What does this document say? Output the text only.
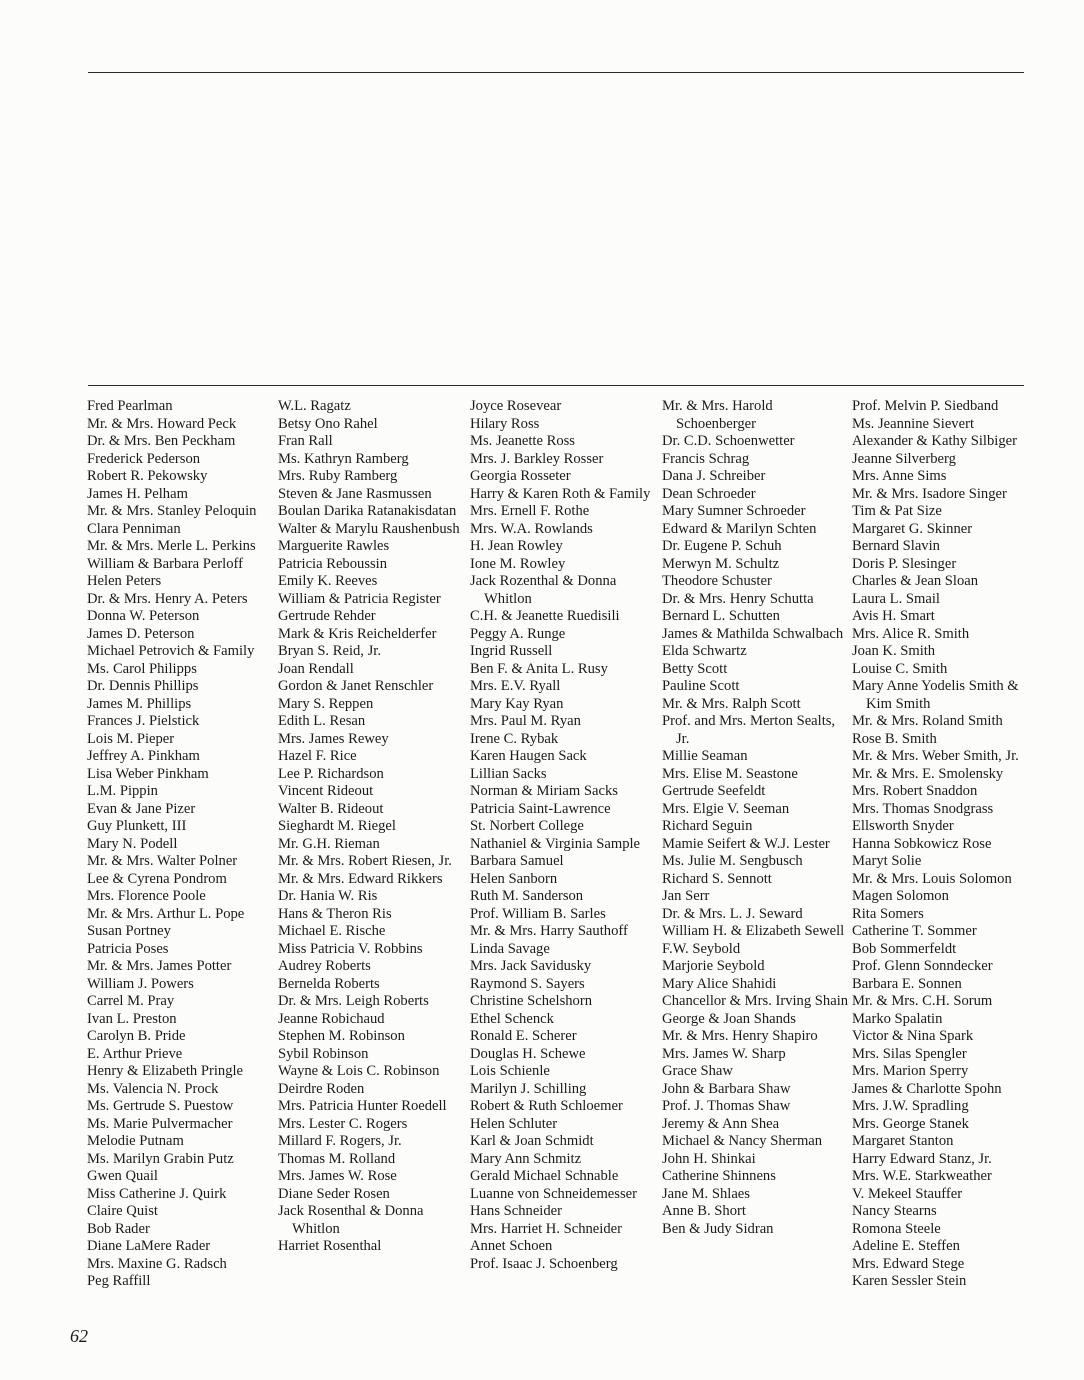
Fred Pearlman
Mr. & Mrs. Howard Peck
Dr. & Mrs. Ben Peckham
Frederick Pederson
Robert R. Pekowsky
James H. Pelham
Mr. & Mrs. Stanley Peloquin
Clara Penniman
Mr. & Mrs. Merle L. Perkins
William & Barbara Perloff
Helen Peters
Dr. & Mrs. Henry A. Peters
Donna W. Peterson
James D. Peterson
Michael Petrovich & Family
Ms. Carol Philipps
Dr. Dennis Phillips
James M. Phillips
Frances J. Pielstick
Lois M. Pieper
Jeffrey A. Pinkham
Lisa Weber Pinkham
L.M. Pippin
Evan & Jane Pizer
Guy Plunkett, III
Mary N. Podell
Mr. & Mrs. Walter Polner
Lee & Cyrena Pondrom
Mrs. Florence Poole
Mr. & Mrs. Arthur L. Pope
Susan Portney
Patricia Poses
Mr. & Mrs. James Potter
William J. Powers
Carrel M. Pray
Ivan L. Preston
Carolyn B. Pride
E. Arthur Prieve
Henry & Elizabeth Pringle
Ms. Valencia N. Prock
Ms. Gertrude S. Puestow
Ms. Marie Pulvermacher
Melodie Putnam
Ms. Marilyn Grabin Putz
Gwen Quail
Miss Catherine J. Quirk
Claire Quist
Bob Rader
Diane LaMere Rader
Mrs. Maxine G. Radsch
Peg Raffill
W.L. Ragatz
Betsy Ono Rahel
Fran Rall
Ms. Kathryn Ramberg
Mrs. Ruby Ramberg
Steven & Jane Rasmussen
Boulan Darika Ratanakisdatan
Walter & Marylu Raushenbush
Marguerite Rawles
Patricia Reboussin
Emily K. Reeves
William & Patricia Register
Gertrude Rehder
Mark & Kris Reichelderfer
Bryan S. Reid, Jr.
Joan Rendall
Gordon & Janet Renschler
Mary S. Reppen
Edith L. Resan
Mrs. James Rewey
Hazel F. Rice
Lee P. Richardson
Vincent Rideout
Walter B. Rideout
Sieghardt M. Riegel
Mr. G.H. Rieman
Mr. & Mrs. Robert Riesen, Jr.
Mr. & Mrs. Edward Rikkers
Dr. Hania W. Ris
Hans & Theron Ris
Michael E. Rische
Miss Patricia V. Robbins
Audrey Roberts
Bernelda Roberts
Dr. & Mrs. Leigh Roberts
Jeanne Robichaud
Stephen M. Robinson
Sybil Robinson
Wayne & Lois C. Robinson
Deirdre Roden
Mrs. Patricia Hunter Roedell
Mrs. Lester C. Rogers
Millard F. Rogers, Jr.
Thomas M. Rolland
Mrs. James W. Rose
Diane Seder Rosen
Jack Rosenthal & Donna Whitlon
Harriet Rosenthal
Joyce Rosevear
Hilary Ross
Ms. Jeanette Ross
Mrs. J. Barkley Rosser
Georgia Rosseter
Harry & Karen Roth & Family
Mrs. Ernell F. Rothe
Mrs. W.A. Rowlands
H. Jean Rowley
Ione M. Rowley
Jack Rozenthal & Donna Whitlon
C.H. & Jeanette Ruedisili
Peggy A. Runge
Ingrid Russell
Ben F. & Anita L. Rusy
Mrs. E.V. Ryall
Mary Kay Ryan
Mrs. Paul M. Ryan
Irene C. Rybak
Karen Haugen Sack
Lillian Sacks
Norman & Miriam Sacks
Patricia Saint-Lawrence
St. Norbert College
Nathaniel & Virginia Sample
Barbara Samuel
Helen Sanborn
Ruth M. Sanderson
Prof. William B. Sarles
Mr. & Mrs. Harry Sauthoff
Linda Savage
Mrs. Jack Savidusky
Raymond S. Sayers
Christine Schelshorn
Ethel Schenck
Ronald E. Scherer
Douglas H. Schewe
Lois Schienle
Marilyn J. Schilling
Robert & Ruth Schloemer
Helen Schluter
Karl & Joan Schmidt
Mary Ann Schmitz
Gerald Michael Schnable
Luanne von Schneidemesser
Hans Schneider
Mrs. Harriet H. Schneider
Annet Schoen
Prof. Isaac J. Schoenberg
Mr. & Mrs. Harold Schoenberger
Dr. C.D. Schoenwetter
Francis Schrag
Dana J. Schreiber
Dean Schroeder
Mary Sumner Schroeder
Edward & Marilyn Schten
Dr. Eugene P. Schuh
Merwyn M. Schultz
Theodore Schuster
Dr. & Mrs. Henry Schutta
Bernard L. Schutten
James & Mathilda Schwalbach
Elda Schwartz
Betty Scott
Pauline Scott
Mr. & Mrs. Ralph Scott
Prof. and Mrs. Merton Sealts, Jr.
Millie Seaman
Mrs. Elise M. Seastone
Gertrude Seefeldt
Mrs. Elgie V. Seeman
Richard Seguin
Mamie Seifert & W.J. Lester
Ms. Julie M. Sengbusch
Richard S. Sennott
Jan Serr
Dr. & Mrs. L. J. Seward
William H. & Elizabeth Sewell
F.W. Seybold
Marjorie Seybold
Mary Alice Shahidi
Chancellor & Mrs. Irving Shain
George & Joan Shands
Mr. & Mrs. Henry Shapiro
Mrs. James W. Sharp
Grace Shaw
John & Barbara Shaw
Prof. J. Thomas Shaw
Jeremy & Ann Shea
Michael & Nancy Sherman
John H. Shinkai
Catherine Shinnens
Jane M. Shlaes
Anne B. Short
Ben & Judy Sidran
Prof. Melvin P. Siedband
Ms. Jeannine Sievert
Alexander & Kathy Silbiger
Jeanne Silverberg
Mrs. Anne Sims
Mr. & Mrs. Isadore Singer
Tim & Pat Size
Margaret G. Skinner
Bernard Slavin
Doris P. Slesinger
Charles & Jean Sloan
Laura L. Smail
Avis H. Smart
Mrs. Alice R. Smith
Joan K. Smith
Louise C. Smith
Mary Anne Yodelis Smith & Kim Smith
Mr. & Mrs. Roland Smith
Rose B. Smith
Mr. & Mrs. Weber Smith, Jr.
Mr. & Mrs. E. Smolensky
Mrs. Robert Snaddon
Mrs. Thomas Snodgrass
Ellsworth Snyder
Hanna Sobkowicz Rose
Maryt Solie
Mr. & Mrs. Louis Solomon
Magen Solomon
Rita Somers
Catherine T. Sommer
Bob Sommerfeldt
Prof. Glenn Sonndecker
Barbara E. Sonnen
Mr. & Mrs. C.H. Sorum
Marko Spalatin
Victor & Nina Spark
Mrs. Silas Spengler
Mrs. Marion Sperry
James & Charlotte Spohn
Mrs. J.W. Spradling
Mrs. George Stanek
Margaret Stanton
Harry Edward Stanz, Jr.
Mrs. W.E. Starkweather
V. Mekeel Stauffer
Nancy Stearns
Romona Steele
Adeline E. Steffen
Mrs. Edward Stege
Karen Sessler Stein
62
